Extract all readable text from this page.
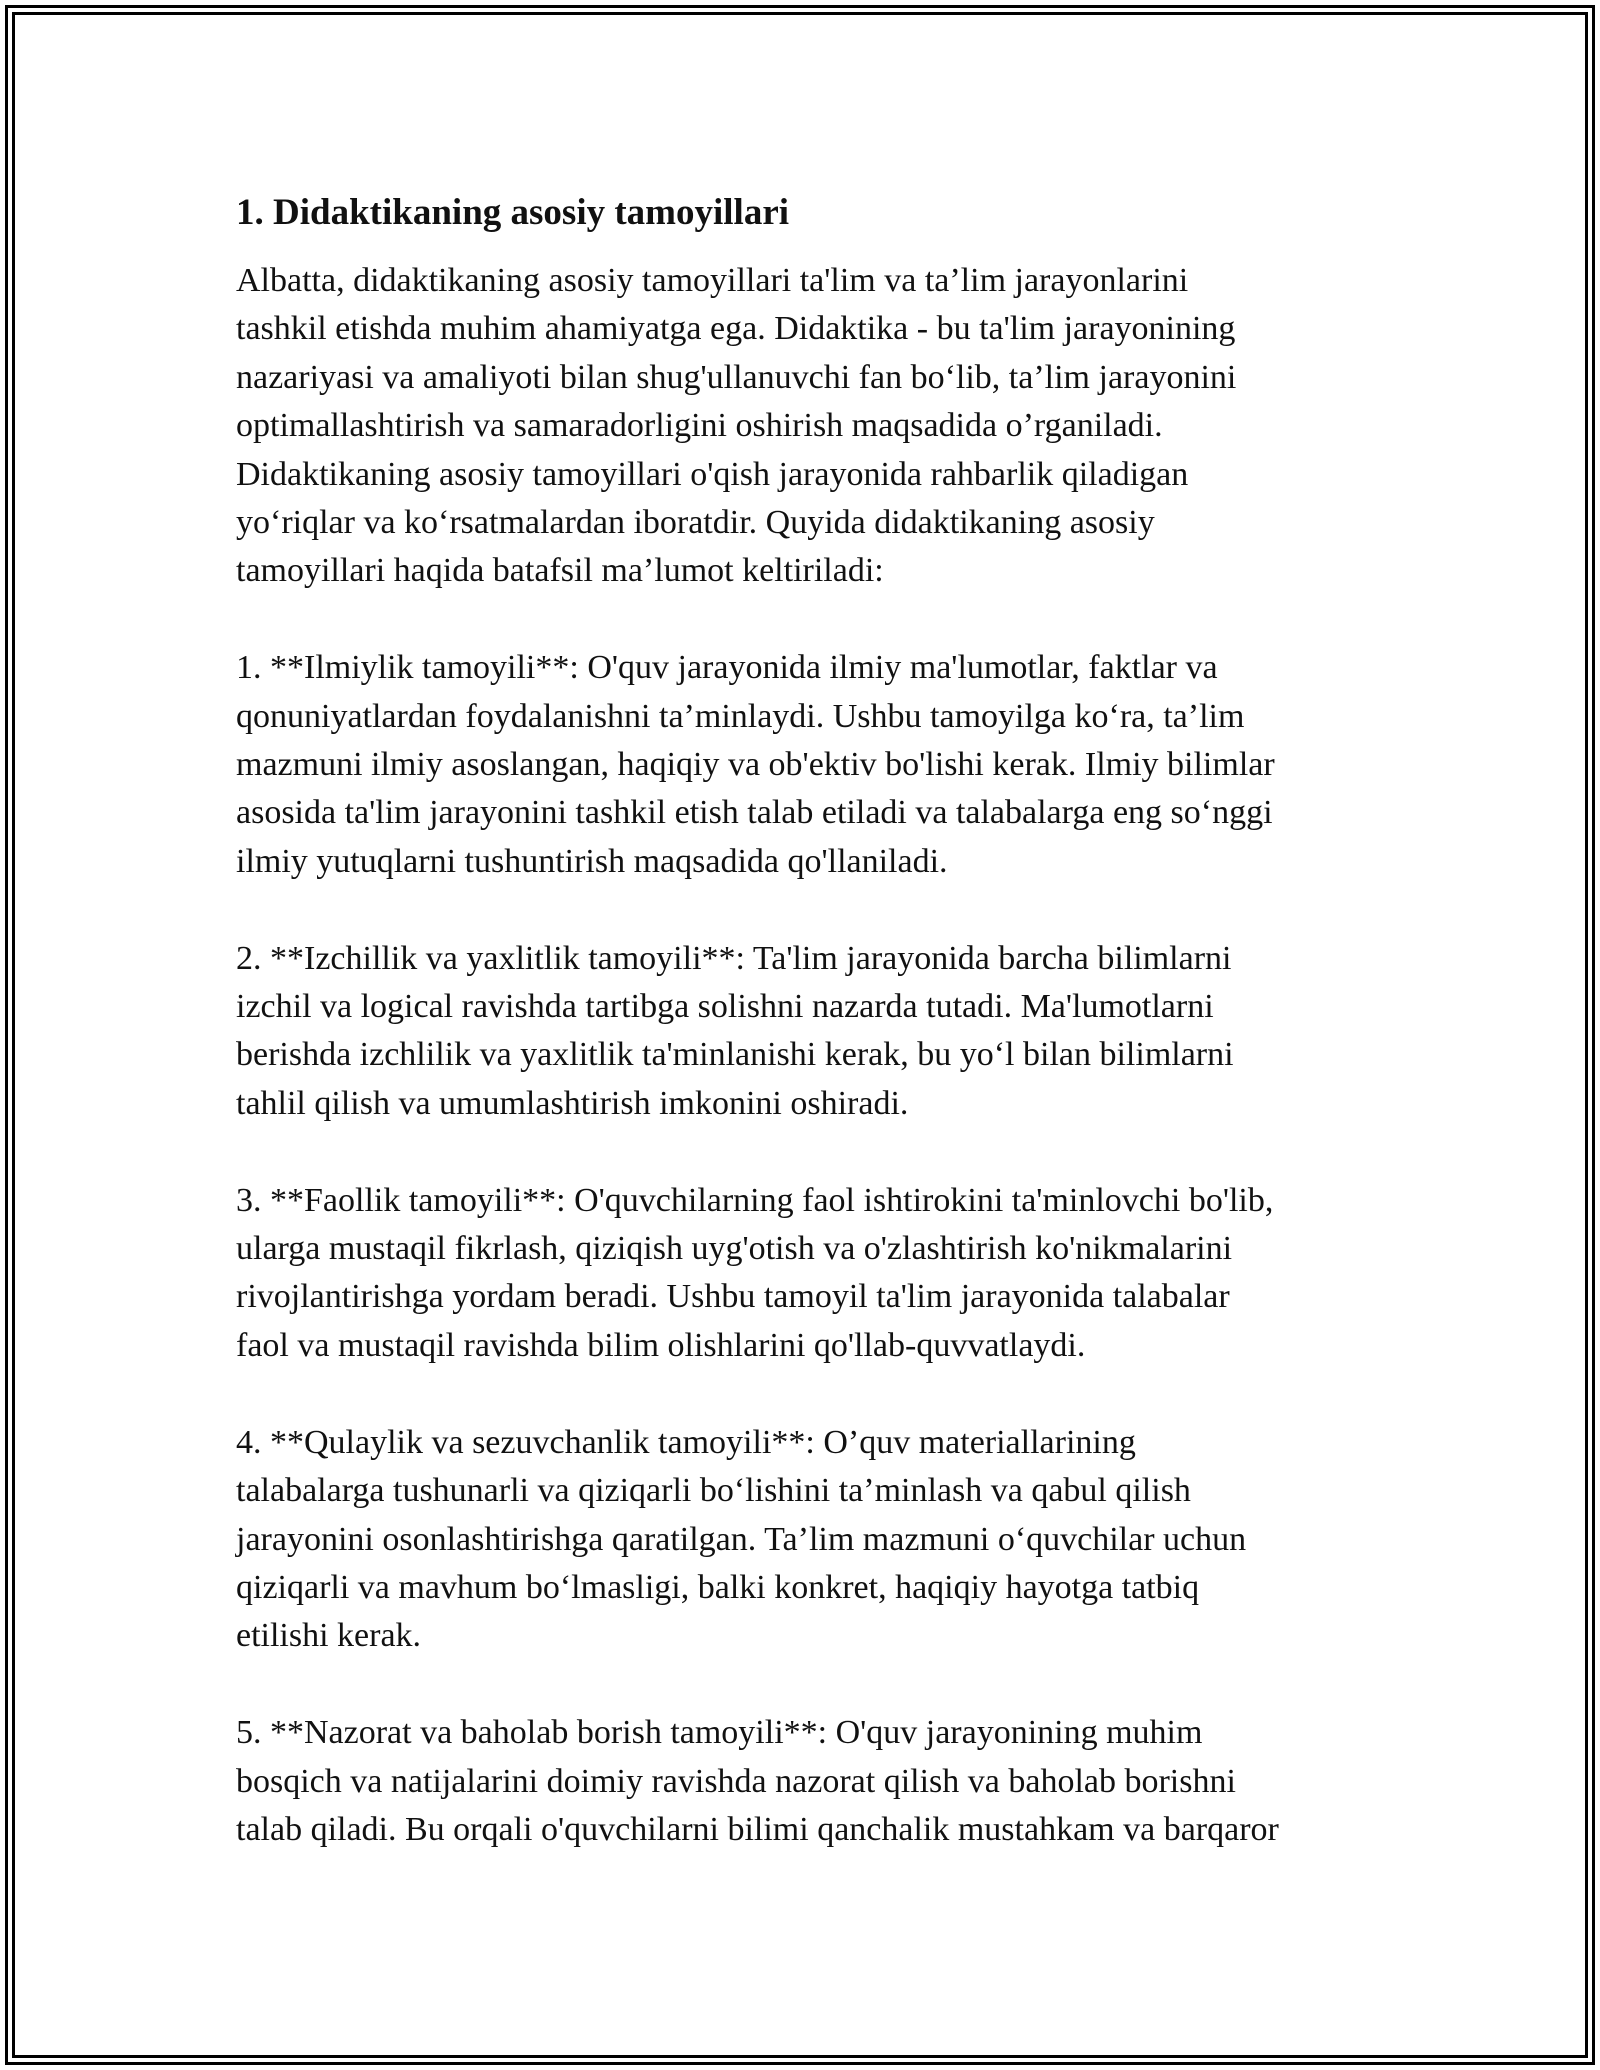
1. Didaktikaning asosiy tamoyillari

Albatta, didaktikaning asosiy tamoyillari ta'lim va ta’lim jarayonlarini
tashkil etishda muhim ahamiyatga ega. Didaktika - bu ta'lim jarayonining
nazariyasi va amaliyoti bilan shug'ullanuvchi fan bo‘lib, ta’lim jarayonini
optimallashtirish va samaradorligini oshirish maqsadida o’rganiladi.
Didaktikaning asosiy tamoyillari o'qish jarayonida rahbarlik qiladigan
yo‘riqlar va ko‘rsatmalardan iboratdir. Quyida didaktikaning asosiy
tamoyillari haqida batafsil ma’lumot keltiriladi:

1. **Ilmiylik tamoyili**: O'quv jarayonida ilmiy ma'lumotlar, faktlar va
qonuniyatlardan foydalanishni ta’minlaydi. Ushbu tamoyilga ko‘ra, ta’lim
mazmuni ilmiy asoslangan, haqiqiy va ob'ektiv bo'lishi kerak. Ilmiy bilimlar
asosida ta'lim jarayonini tashkil etish talab etiladi va talabalarga eng so‘nggi
ilmiy yutuqlarni tushuntirish maqsadida qo'llaniladi.

2. **Izchillik va yaxlitlik tamoyili**: Ta'lim jarayonida barcha bilimlarni
izchil va logical ravishda tartibga solishni nazarda tutadi. Ma'lumotlarni
berishda izchlilik va yaxlitlik ta'minlanishi kerak, bu yo‘l bilan bilimlarni
tahlil qilish va umumlashtirish imkonini oshiradi.

3. **Faollik tamoyili**: O'quvchilarning faol ishtirokini ta'minlovchi bo'lib,
ularga mustaqil fikrlash, qiziqish uyg'otish va o'zlashtirish ko'nikmalarini
rivojlantirishga yordam beradi. Ushbu tamoyil ta'lim jarayonida talabalar
faol va mustaqil ravishda bilim olishlarini qo'llab-quvvatlaydi.

4. **Qulaylik va sezuvchanlik tamoyili**: O’quv materiallarining
talabalarga tushunarli va qiziqarli bo‘lishini ta’minlash va qabul qilish
jarayonini osonlashtirishga qaratilgan. Ta’lim mazmuni o‘quvchilar uchun
qiziqarli va mavhum bo‘lmasligi, balki konkret, haqiqiy hayotga tatbiq
etilishi kerak.

5. **Nazorat va baholab borish tamoyili**: O'quv jarayonining muhim
bosqich va natijalarini doimiy ravishda nazorat qilish va baholab borishni
talab qiladi. Bu orqali o'quvchilarni bilimi qanchalik mustahkam va barqaror
